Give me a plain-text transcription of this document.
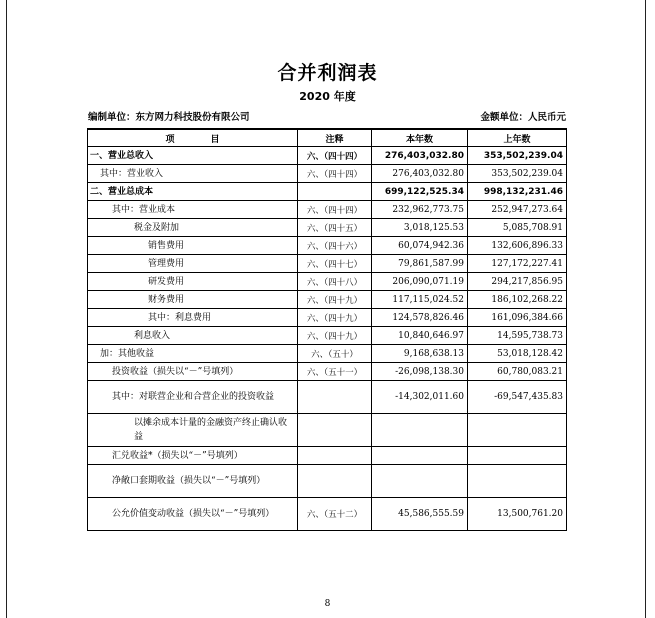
合并利润表
2020 年度
编制单位：东方网力科技股份有限公司	金额单位：人民币元
项　　　　目	注释	本年数	上年数
一、营业总收入	六、（四十四）	276,403,032.80	353,502,239.04
其中：营业收入	六、（四十四）	276,403,032.80	353,502,239.04
二、营业总成本		699,122,525.34	998,132,231.46
其中：营业成本	六、（四十四）	232,962,773.75	252,947,273.64
税金及附加	六、（四十五）	3,018,125.53	5,085,708.91
销售费用	六、（四十六）	60,074,942.36	132,606,896.33
管理费用	六、（四十七）	79,861,587.99	127,172,227.41
研发费用	六、（四十八）	206,090,071.19	294,217,856.95
财务费用	六、（四十九）	117,115,024.52	186,102,268.22
其中：利息费用	六、（四十九）	124,578,826.46	161,096,384.66
利息收入	六、（四十九）	10,840,646.97	14,595,738.73
加：其他收益	六、（五十）	9,168,638.13	53,018,128.42
投资收益（损失以“－”号填列）	六、（五十一）	-26,098,138.30	60,780,083.21
其中：对联营企业和合营企业的投资收益		-14,302,011.60	-69,547,435.83
以摊余成本计量的金融资产终止确认收益			
汇兑收益*（损失以“－”号填列）			
净敞口套期收益（损失以“－”号填列）			
公允价值变动收益（损失以“－”号填列）	六、（五十二）	45,586,555.59	13,500,761.20
8
